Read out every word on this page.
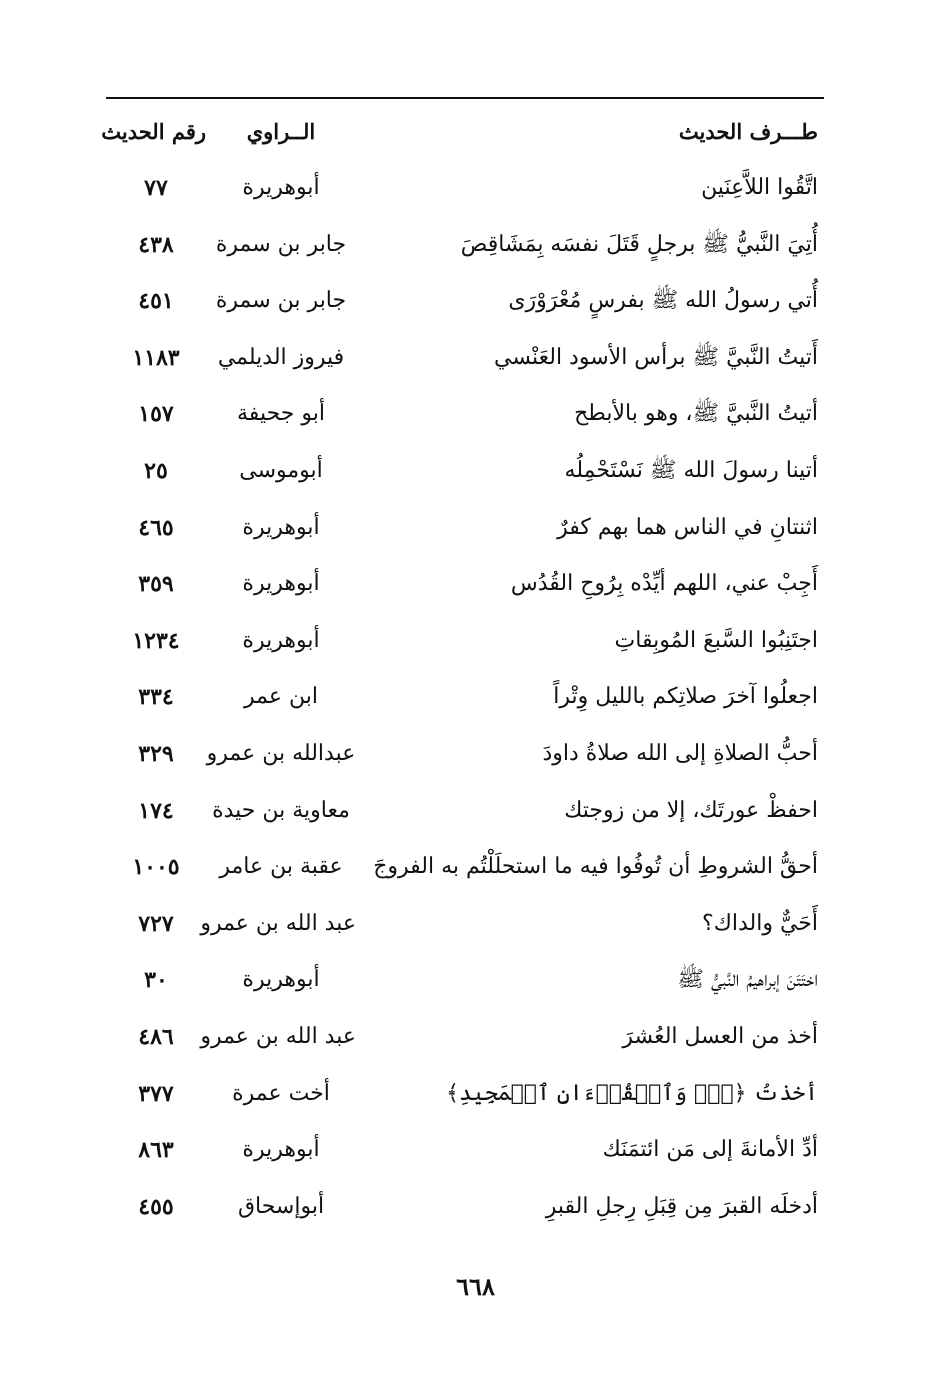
طـــرف الحديث
الــراوي
رقم الحديث
اتَّقُوا اللاَّعِنَين
أبوهريرة
٧٧
أُتِيَ النَّبيُّ ﷺ برجلٍ قَتَلَ نفسَه بِمَشَاقِصَ
جابر بن سمرة
٤٣٨
أُتي رسولُ الله ﷺ بفرسٍ مُعْرَوْرَى
جابر بن سمرة
٤٥١
أَتيتُ النَّبيَّ ﷺ برأس الأسود العَنْسي
فيروز الديلمي
١١٨٣
أتيتُ النَّبيَّ ﷺ، وهو بالأبطح
أبو جحيفة
١٥٧
أتينا رسولَ الله ﷺ نَسْتَحْمِلُه
أبوموسى
٢٥
اثنتانِ في الناس هما بهم كفرٌ
أبوهريرة
٤٦٥
أَجِبْ عني، اللهم أيِّدْه بِرُوحِ القُدُس
أبوهريرة
٣٥٩
اجتَنِبُوا السَّبعَ المُوبِقاتِ
أبوهريرة
١٢٣٤
اجعلُوا آخرَ صلاتِكم بالليل وِتْراً
ابن عمر
٣٣٤
أحبُّ الصلاةِ إلى الله صلاةُ داودَ
عبدالله بن عمرو
٣٢٩
احفظْ عورتَك، إلا من زوجتك
معاوية بن حيدة
١٧٤
أحقُّ الشروطِ أن تُوفُوا فيه ما استحلَلْتُم به الفروجَ
عقبة بن عامر
١٠٠٥
أَحَيٌّ والداك؟
عبد الله بن عمرو
٧٢٧
اختَتَنَ إبراهيمُ النَّبيُّ ﷺ
أبوهريرة
٣٠
أخذ من العسل العُشرَ
عبد الله بن عمرو
٤٨٦
أخذتُ ﴿قٓۚ وَٱلۡقُرۡءَانِ ٱلۡمَجِيدِ﴾
أخت عمرة
٣٧٧
أدِّ الأمانةَ إلى مَن ائتمَنَك
أبوهريرة
٨٦٣
أدخلَه القبرَ مِن قِبَلِ رِجلِ القبرِ
أبوإسحاق
٤٥٥
٦٦٨
